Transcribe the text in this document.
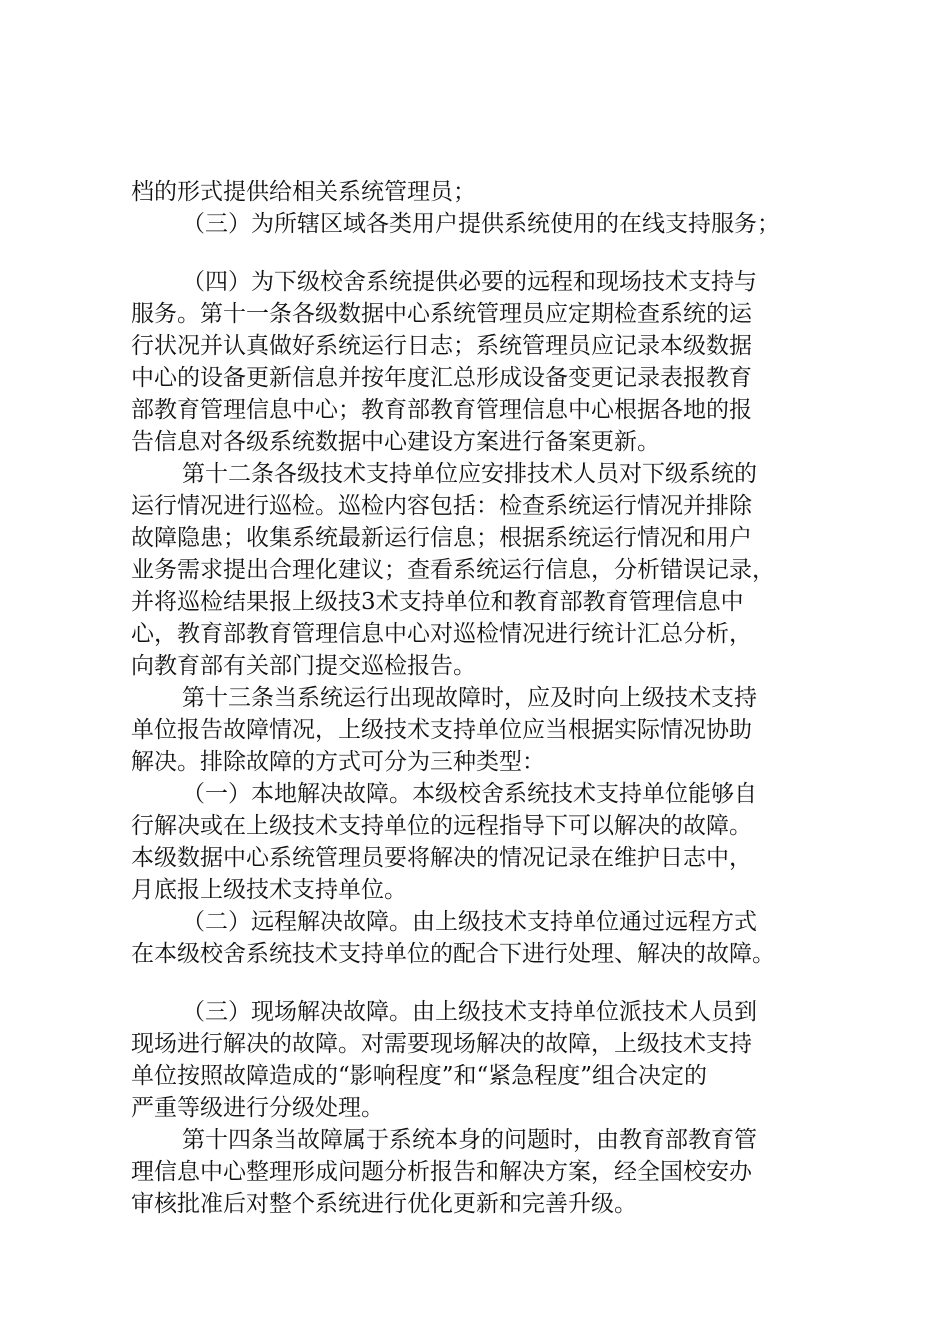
档的形式提供给相关系统管理员；
（三）为所辖区域各类用户提供系统使用的在线支持服务；
（四）为下级校舍系统提供必要的远程和现场技术支持与
服务。第十一条各级数据中心系统管理员应定期检查系统的运
行状况并认真做好系统运行日志；系统管理员应记录本级数据
中心的设备更新信息并按年度汇总形成设备变更记录表报教育
部教育管理信息中心；教育部教育管理信息中心根据各地的报
告信息对各级系统数据中心建设方案进行备案更新。
第十二条各级技术支持单位应安排技术人员对下级系统的
运行情况进行巡检。巡检内容包括：检查系统运行情况并排除
故障隐患；收集系统最新运行信息；根据系统运行情况和用户
业务需求提出合理化建议；查看系统运行信息，分析错误记录，
并将巡检结果报上级技3术支持单位和教育部教育管理信息中
心，教育部教育管理信息中心对巡检情况进行统计汇总分析，
向教育部有关部门提交巡检报告。
第十三条当系统运行出现故障时，应及时向上级技术支持
单位报告故障情况，上级技术支持单位应当根据实际情况协助
解决。排除故障的方式可分为三种类型：
（一）本地解决故障。本级校舍系统技术支持单位能够自
行解决或在上级技术支持单位的远程指导下可以解决的故障。
本级数据中心系统管理员要将解决的情况记录在维护日志中，
月底报上级技术支持单位。
（二）远程解决故障。由上级技术支持单位通过远程方式
在本级校舍系统技术支持单位的配合下进行处理、解决的故障。
（三）现场解决故障。由上级技术支持单位派技术人员到
现场进行解决的故障。对需要现场解决的故障，上级技术支持
单位按照故障造成的“影响程度”和“紧急程度”组合决定的
严重等级进行分级处理。
第十四条当故障属于系统本身的问题时，由教育部教育管
理信息中心整理形成问题分析报告和解决方案，经全国校安办
审核批准后对整个系统进行优化更新和完善升级。
